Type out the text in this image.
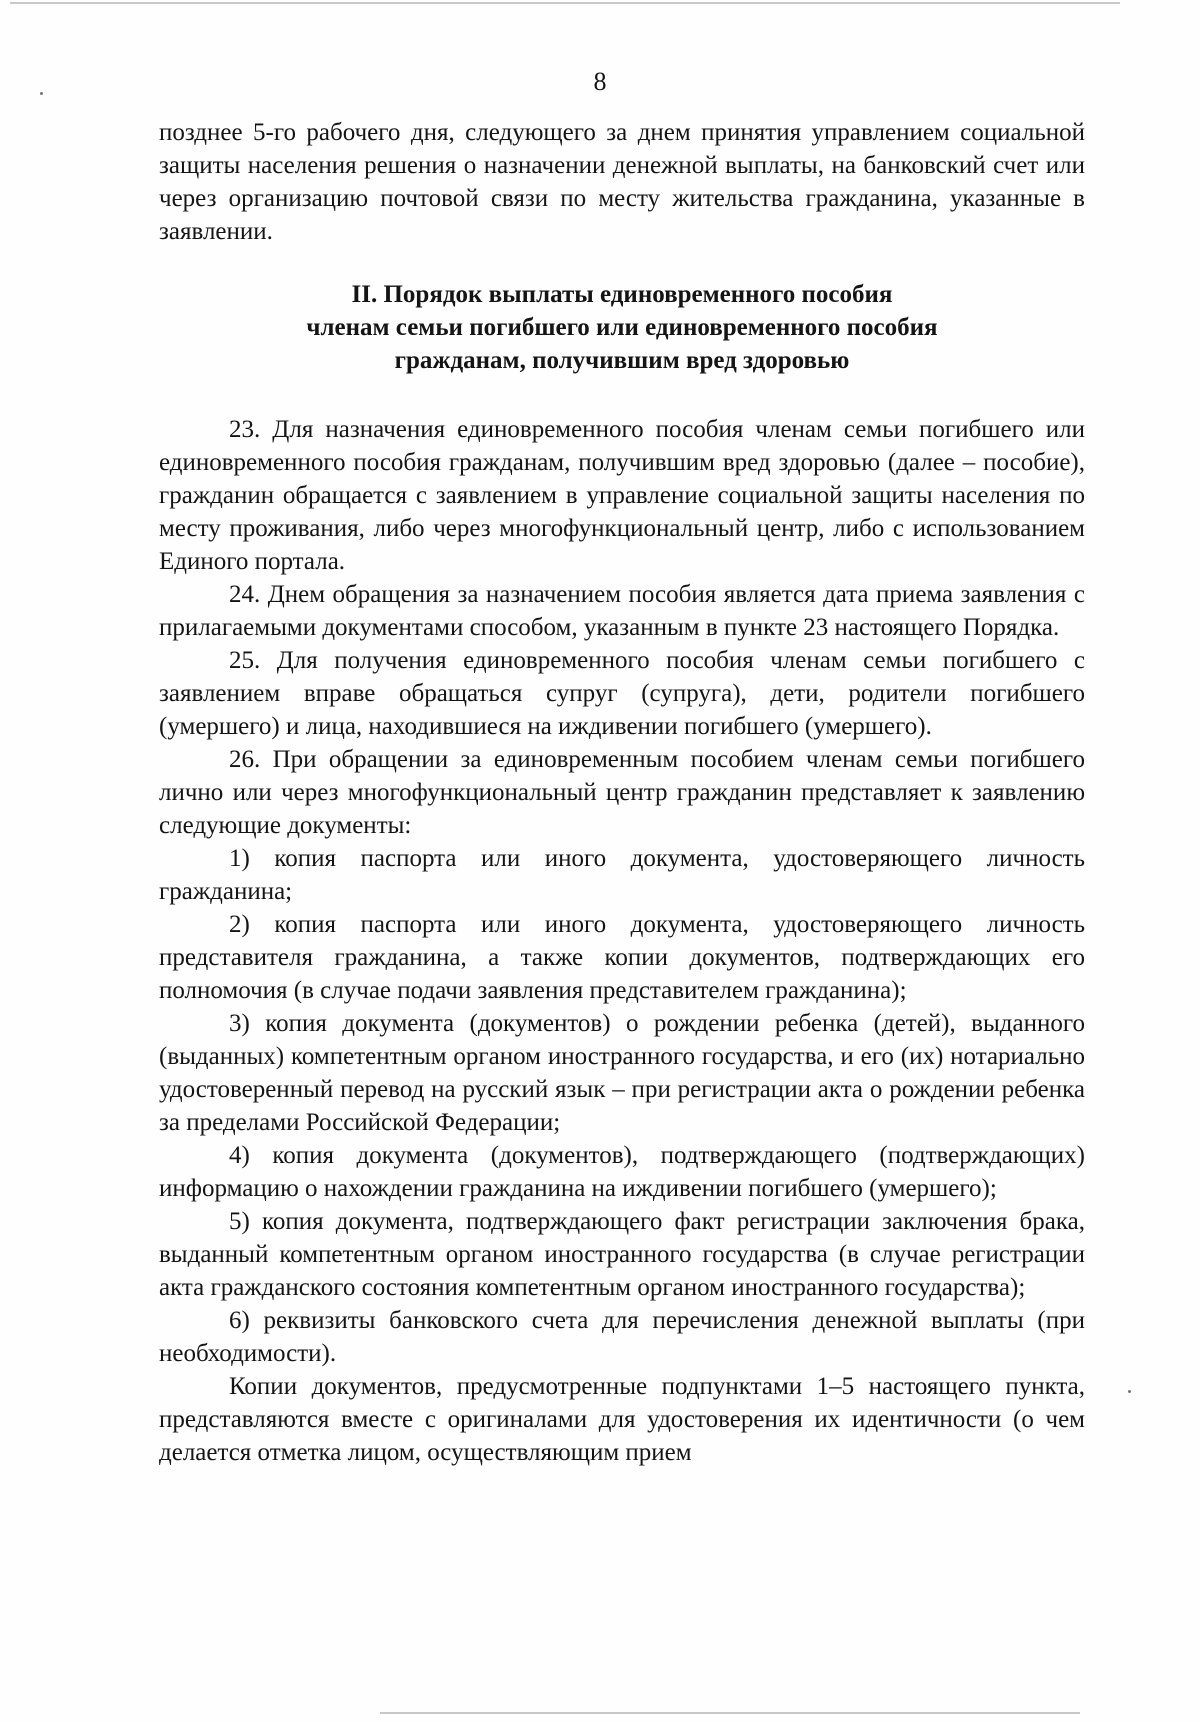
8

позднее 5-го рабочего дня, следующего за днем принятия управлением социальной защиты населения решения о назначении денежной выплаты, на банковский счет или через организацию почтовой связи по месту жительства гражданина, указанные в заявлении.

II. Порядок выплаты единовременного пособия
членам семьи погибшего или единовременного пособия
гражданам, получившим вред здоровью

23. Для назначения единовременного пособия членам семьи погибшего или единовременного пособия гражданам, получившим вред здоровью (далее – пособие), гражданин обращается с заявлением в управление социальной защиты населения по месту проживания, либо через многофункциональный центр, либо с использованием Единого портала.

24. Днем обращения за назначением пособия является дата приема заявления с прилагаемыми документами способом, указанным в пункте 23 настоящего Порядка.

25. Для получения единовременного пособия членам семьи погибшего с заявлением вправе обращаться супруг (супруга), дети, родители погибшего (умершего) и лица, находившиеся на иждивении погибшего (умершего).

26. При обращении за единовременным пособием членам семьи погибшего лично или через многофункциональный центр гражданин представляет к заявлению следующие документы:

1) копия паспорта или иного документа, удостоверяющего личность гражданина;

2) копия паспорта или иного документа, удостоверяющего личность представителя гражданина, а также копии документов, подтверждающих его полномочия (в случае подачи заявления представителем гражданина);

3) копия документа (документов) о рождении ребенка (детей), выданного (выданных) компетентным органом иностранного государства, и его (их) нотариально удостоверенный перевод на русский язык – при регистрации акта о рождении ребенка за пределами Российской Федерации;

4) копия документа (документов), подтверждающего (подтверждающих) информацию о нахождении гражданина на иждивении погибшего (умершего);

5) копия документа, подтверждающего факт регистрации заключения брака, выданный компетентным органом иностранного государства (в случае регистрации акта гражданского состояния компетентным органом иностранного государства);

6) реквизиты банковского счета для перечисления денежной выплаты (при необходимости).

Копии документов, предусмотренные подпунктами 1–5 настоящего пункта, представляются вместе с оригиналами для удостоверения их идентичности (о чем делается отметка лицом, осуществляющим прием
